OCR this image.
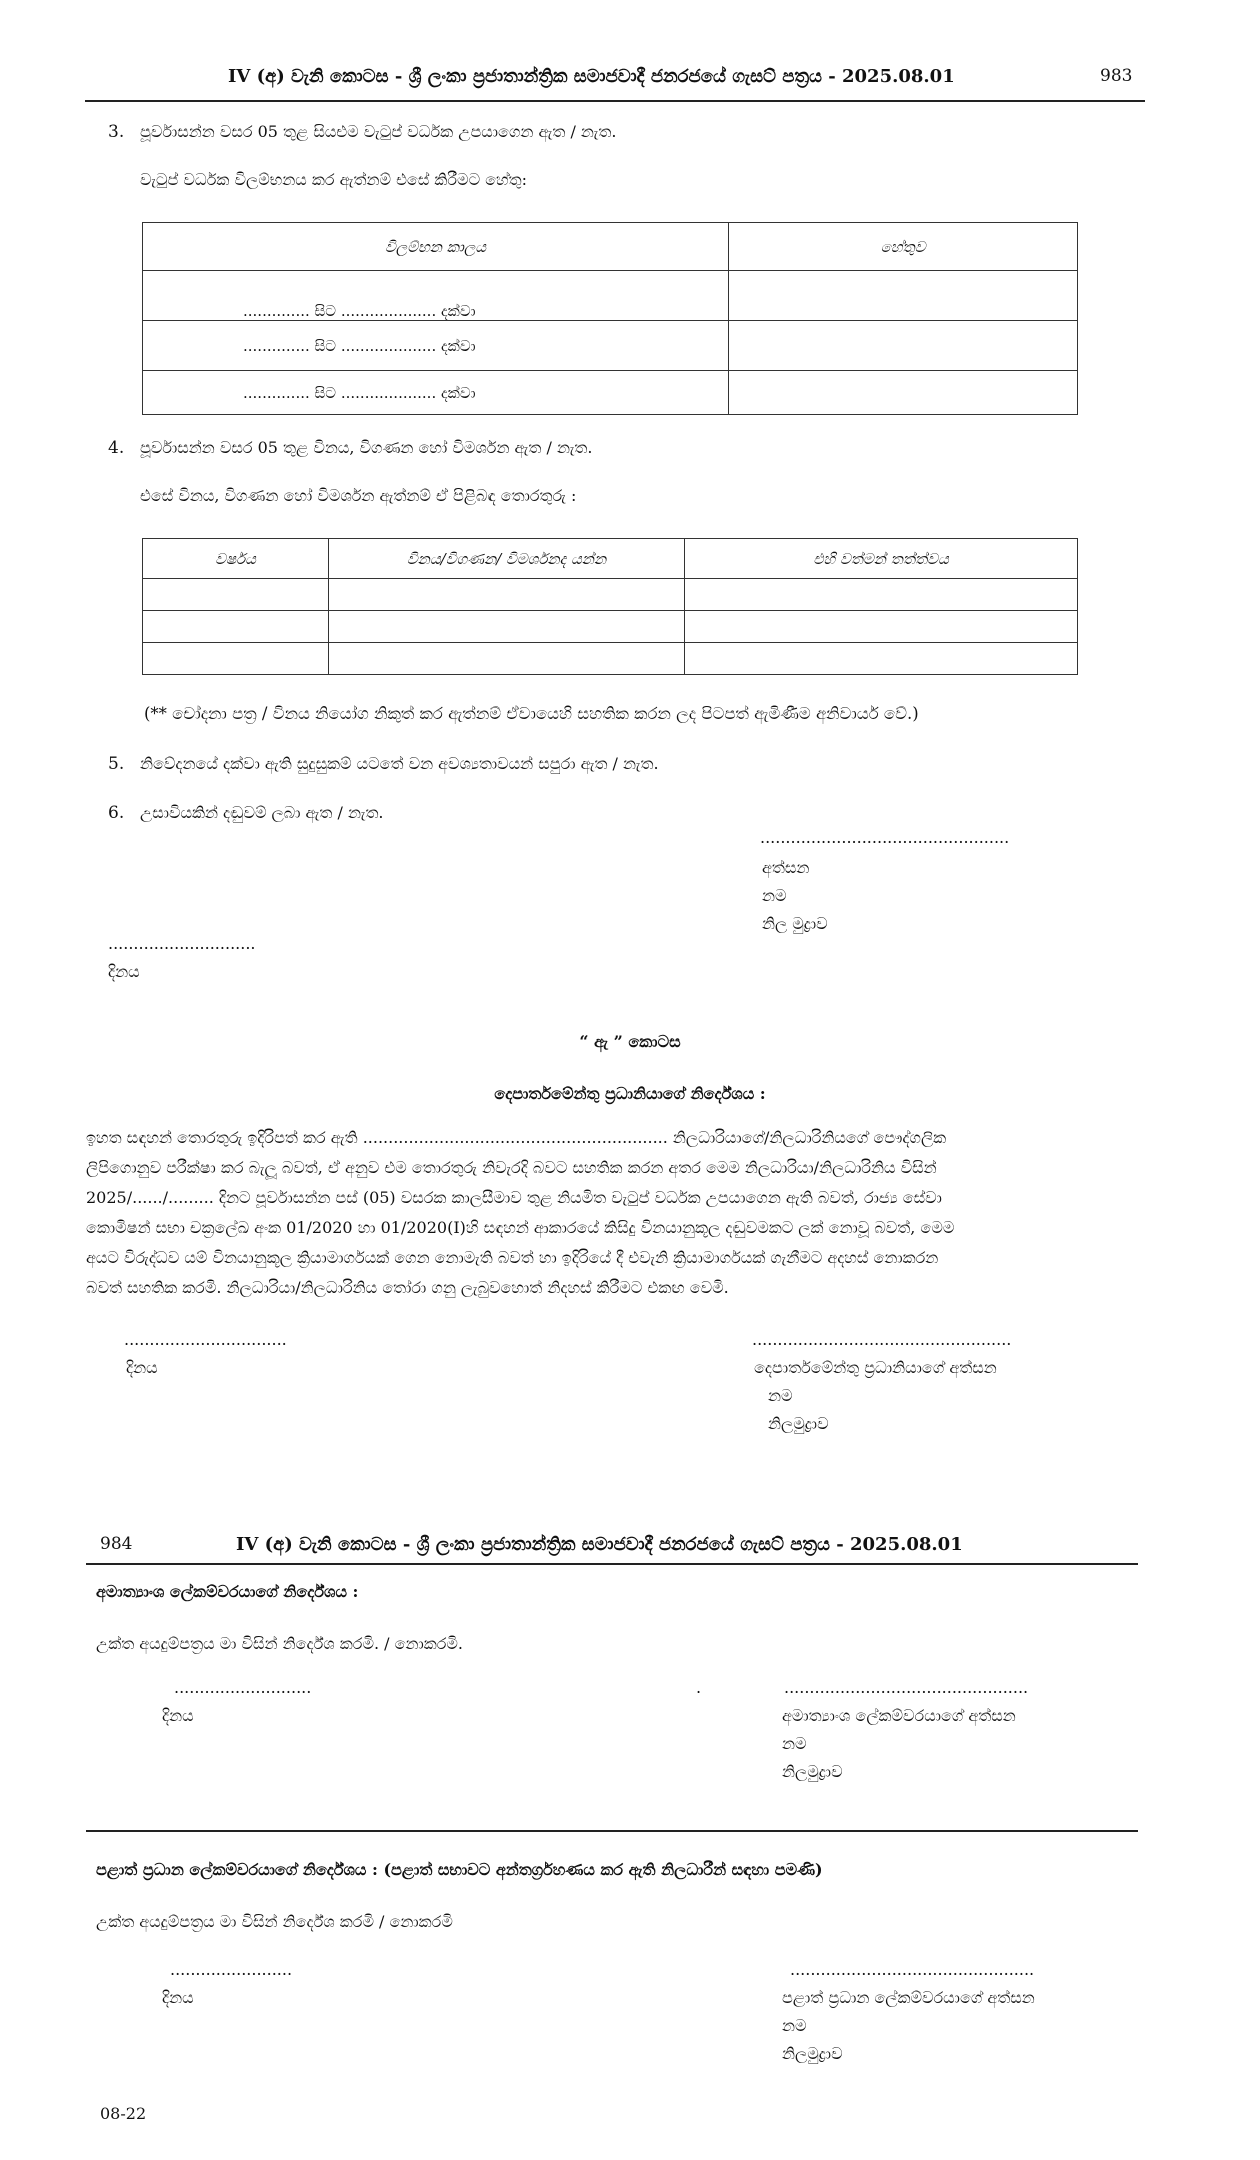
IV (අ) වැනි කොටස - ශ්‍රී ලංකා ප්‍රජාතාන්ත්‍රික සමාජවාදී ජනරජයේ ගැසට් පත්‍රය - 2025.08.01	983
3. පූර්වාසන්න වසර 05 තුළ සියළුම වැටුප් වර්ධක උපයාගෙන ඇත / නැත.
වැටුප් වර්ධක විලම්භනය කර ඇත්නම් එසේ කිරීමට හේතු:
විලම්භන කාලය	හේතුව
.............. සිට .................... දක්වා	
.............. සිට .................... දක්වා	
.............. සිට .................... දක්වා	
4. පූර්වාසන්න වසර 05 තුළ විනය, විගණන හෝ විමර්ශන ඇත / නැත.
එසේ විනය, විගණන හෝ විමර්ශන ඇත්නම් ඒ පිළිබඳ තොරතුරු :
වර්ෂය	විනය/විගණන/ විමර්ශනද යන්න	එහි වත්මන් තත්ත්වය

(** චෝදනා පත්‍ර / විනය නියෝග නිකුත් කර ඇත්නම් ඒවායෙහි සහතික කරන ලද පිටපත් ඇමිණීම අනිවාර්ය වේ.)
5. නිවේදනයේ දක්වා ඇති සුදුසුකම් යටතේ වන අවශ්‍යතාවයන් සපුරා ඇත / නැත.
6. උසාවියකින් දඬුවම් ලබා ඇත / නැත.
.................................................
අත්සන
නම
නිල මුද්‍රාව
.............................
දිනය
“ ඇ ” කොටස
දෙපාර්තමේන්තු ප්‍රධානියාගේ නිර්දේශය :
ඉහත සඳහන් තොරතුරු ඉදිරිපත් කර ඇති ............................................................ නිලධාරියාගේ/නිලධාරිනියගේ පෞද්ගලික
ලිපිගොනුව පරීක්ෂා කර බැලූ බවත්, ඒ අනුව එම තොරතුරු නිවැරදි බවට සහතික කරන අතර මෙම නිලධාරියා/නිලධාරිනිය විසින්
2025/....../......... දිනට පූර්වාසන්න පස් (05) වසරක කාලසීමාව තුළ නියමිත වැටුප් වර්ධක උපයාගෙන ඇති බවත්, රාජ්‍ය සේවා
කොමිෂන් සභා චක්‍රලේඛ අංක 01/2020 හා 01/2020(I)හි සඳහන් ආකාරයේ කිසිදු විනයානුකූල දඬුවමකට ලක් නොවූ බවත්, මෙම
අයට විරුද්ධව යම් විනයානුකූල ක්‍රියාමාර්ගයක් ගෙන නොමැති බවත් හා ඉදිරියේ දී එවැනි ක්‍රියාමාර්ගයක් ගැනීමට අදහස් නොකරන
බවත් සහතික කරමි. නිලධාරියා/නිලධාරිනිය තෝරා ගනු ලැබුවහොත් නිදහස් කිරීමට එකඟ වෙමි.
................................
දිනය
...................................................
දෙපාර්තමේන්තු ප්‍රධානියාගේ අත්සන
නම
නිලමුද්‍රාව
984	IV (අ) වැනි කොටස - ශ්‍රී ලංකා ප්‍රජාතාන්ත්‍රික සමාජවාදී ජනරජයේ ගැසට් පත්‍රය - 2025.08.01
අමාත්‍යාංශ ලේකම්වරයාගේ නිර්දේශය :
උක්ත අයදුම්පත්‍රය මා විසින් නිර්දේශ කරමි. / නොකරමි.
...........................	.	................................................
දිනය	අමාත්‍යාංශ ලේකම්වරයාගේ අත්සන
නම
නිලමුද්‍රාව
පළාත් ප්‍රධාන ලේකම්වරයාගේ නිර්දේශය : (පළාත් සභාවට අන්තර්ග්‍රහණය කර ඇති නිලධාරීන් සඳහා පමණි)
උක්ත අයදුම්පත්‍රය මා විසින් නිර්දේශ කරමි / නොකරමි
........................	................................................
දිනය	පළාත් ප්‍රධාන ලේකම්වරයාගේ අත්සන
නම
නිලමුද්‍රාව
08-22
